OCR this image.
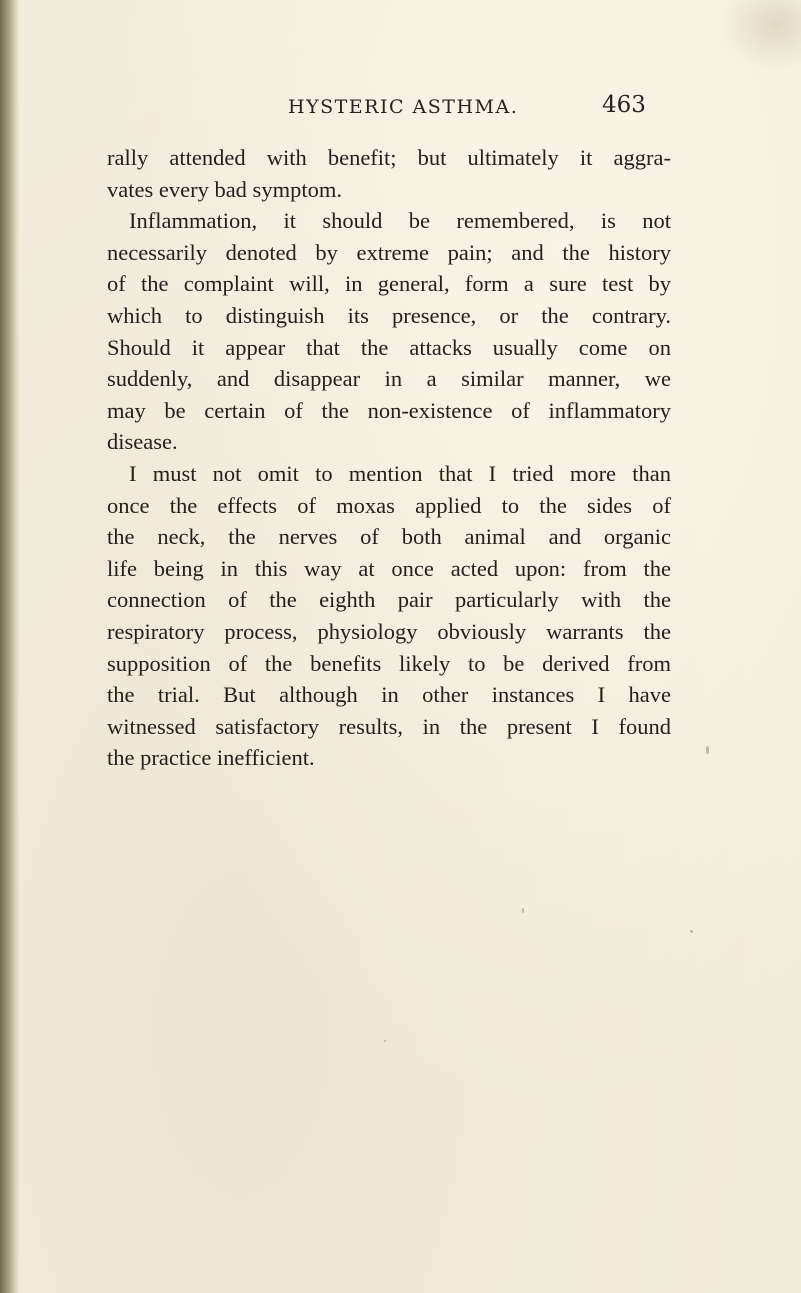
HYSTERIC ASTHMA.	463
rally attended with benefit; but ultimately it aggra-
vates every bad symptom.
Inflammation, it should be remembered, is not
necessarily denoted by extreme pain; and the history
of the complaint will, in general, form a sure test by
which to distinguish its presence, or the contrary.
Should it appear that the attacks usually come on
suddenly, and disappear in a similar manner, we
may be certain of the non-existence of inflammatory
disease.
I must not omit to mention that I tried more than
once the effects of moxas applied to the sides of
the neck, the nerves of both animal and organic
life being in this way at once acted upon: from the
connection of the eighth pair particularly with the
respiratory process, physiology obviously warrants the
supposition of the benefits likely to be derived from
the trial. But although in other instances I have
witnessed satisfactory results, in the present I found
the practice inefficient.
